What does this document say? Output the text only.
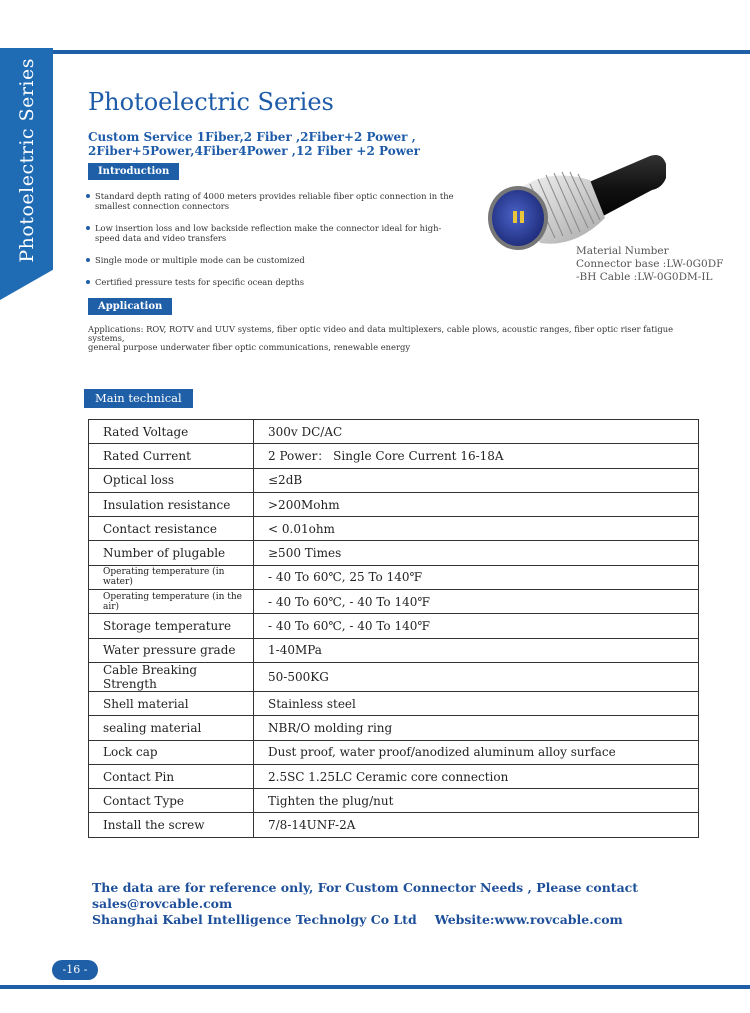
Photoelectric Series Photoelectric Series
Custom Service 1Fiber,2 Fiber ,2Fiber+2 Power ,
2Fiber+5Power,4Fiber4Power ,12 Fiber +2 Power
Introduction
Standard depth rating of 4000 meters provides reliable fiber optic connection in the smallest connection connectors
Low insertion loss and low backside reflection make the connector ideal for high-speed data and video transfers
Single mode or multiple mode can be customized
Certified pressure tests for specific ocean depths
Application
Applications: ROV, ROTV and UUV systems, fiber optic video and data multiplexers, cable plows, acoustic ranges, fiber optic riser fatigue systems,
general purpose underwater fiber optic communications, renewable energy
Material Number
Connector base :LW-0G0DF
-BH Cable :LW-0G0DM-IL
Main technical
Rated Voltage	300v DC/AC
Rated Current	2 Power： Single Core Current 16-18A
Optical loss	≤2dB
Insulation resistance	>200Mohm
Contact resistance	< 0.01ohm
Number of plugable	≥500 Times
Operating temperature (in water)	- 40 To 60℃, 25 To 140℉
Operating temperature (in the air)	- 40 To 60℃, - 40 To 140℉
Storage temperature	- 40 To 60℃, - 40 To 140℉
Water pressure grade	1-40MPa
Cable Breaking Strength	50-500KG
Shell material	Stainless steel
sealing material	NBR/O molding ring
Lock cap	Dust proof, water proof/anodized aluminum alloy surface
Contact Pin	2.5SC 1.25LC Ceramic core connection
Contact Type	Tighten the plug/nut
Install the screw	7/8-14UNF-2A
The data are for reference only, For Custom Connector Needs , Please contact sales@rovcable.com
Shanghai Kabel Intelligence Technolgy Co Ltd Website:www.rovcable.com
-16 -
